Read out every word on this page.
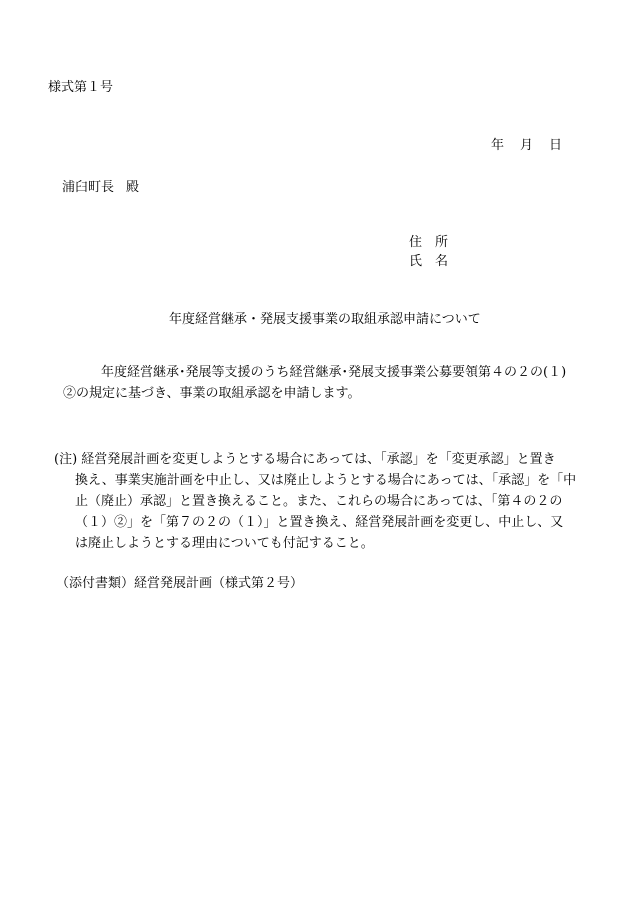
様式第１号
年 月 日
浦臼町長 殿
住 所
氏 名
年度経営継承・発展支援事業の取組承認申請について
年度経営継承･発展等支援のうち経営継承･発展支援事業公募要領第４の２の(１)
②の規定に基づき、事業の取組承認を申請します。
(注) 経営発展計画を変更しようとする場合にあっては、「承認」を「変更承認」と置き
換え、事業実施計画を中止し、又は廃止しようとする場合にあっては、「承認」を「中
止（廃止）承認」と置き換えること。また、これらの場合にあっては、「第４の２の
（１）②」を「第７の２の（１）」と置き換え、経営発展計画を変更し、中止し、又
は廃止しようとする理由についても付記すること。
（添付書類）経営発展計画（様式第２号）
